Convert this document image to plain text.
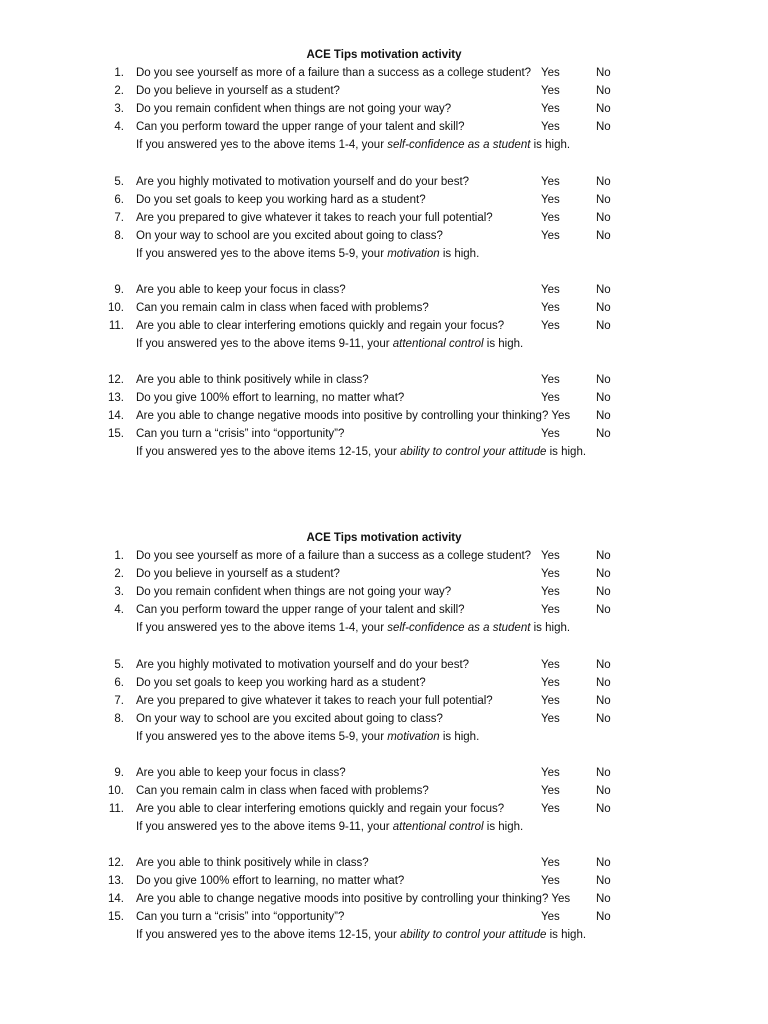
ACE Tips motivation activity
1. Do you see yourself as more of a failure than a success as a college student? Yes	No
2. Do you believe in yourself as a student?	Yes	No
3. Do you remain confident when things are not going your way?	Yes	No
4. Can you perform toward the upper range of your talent and skill?	Yes	No
If you answered yes to the above items 1-4, your self-confidence as a student is high.
5. Are you highly motivated to motivation yourself and do your best?	Yes	No
6. Do you set goals to keep you working hard as a student?	Yes	No
7. Are you prepared to give whatever it takes to reach your full potential?	Yes	No
8. On your way to school are you excited about going to class?	Yes	No
If you answered yes to the above items 5-9, your motivation is high.
9. Are you able to keep your focus in class?	Yes	No
10. Can you remain calm in class when faced with problems?	Yes	No
11. Are you able to clear interfering emotions quickly and regain your focus?	Yes	No
If you answered yes to the above items 9-11, your attentional control is high.
12. Are you able to think positively while in class?	Yes	No
13. Do you give 100% effort to learning, no matter what?	Yes	No
14. Are you able to change negative moods into positive by controlling your thinking? Yes No
15. Can you turn a “crisis” into “opportunity”?	Yes	No
If you answered yes to the above items 12-15, your ability to control your attitude is high.
ACE Tips motivation activity
1. Do you see yourself as more of a failure than a success as a college student? Yes	No
2. Do you believe in yourself as a student?	Yes	No
3. Do you remain confident when things are not going your way?	Yes	No
4. Can you perform toward the upper range of your talent and skill?	Yes	No
If you answered yes to the above items 1-4, your self-confidence as a student is high.
5. Are you highly motivated to motivation yourself and do your best?	Yes	No
6. Do you set goals to keep you working hard as a student?	Yes	No
7. Are you prepared to give whatever it takes to reach your full potential?	Yes	No
8. On your way to school are you excited about going to class?	Yes	No
If you answered yes to the above items 5-9, your motivation is high.
9. Are you able to keep your focus in class?	Yes	No
10. Can you remain calm in class when faced with problems?	Yes	No
11. Are you able to clear interfering emotions quickly and regain your focus?	Yes	No
If you answered yes to the above items 9-11, your attentional control is high.
12. Are you able to think positively while in class?	Yes	No
13. Do you give 100% effort to learning, no matter what?	Yes	No
14. Are you able to change negative moods into positive by controlling your thinking? Yes No
15. Can you turn a “crisis” into “opportunity”?	Yes	No
If you answered yes to the above items 12-15, your ability to control your attitude is high.
